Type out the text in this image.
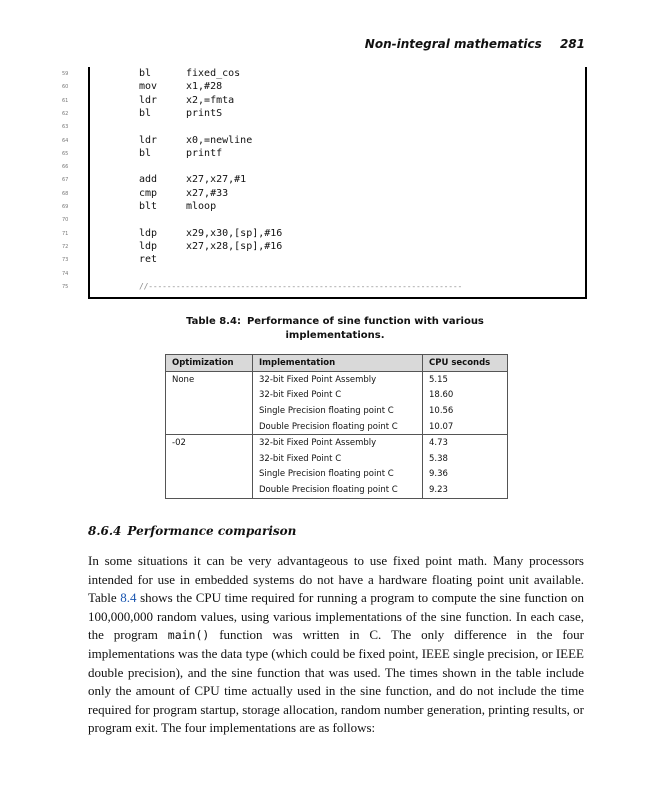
Non-integral mathematics 281
59	bl	fixed_cos
60	mov	x1,#28
61	ldr	x2,=fmta
62	bl	printS
63
64	ldr	x0,=newline
65	bl	printf
66
67	add	x27,x27,#1
68	cmp	x27,#33
69	blt	mloop
70
71	ldp	x29,x30,[sp],#16
72	ldp	x27,x28,[sp],#16
73	ret
74
75	//--------------------------------------------------------------------
Table 8.4: Performance of sine function with various
implementations.
Optimization	Implementation	CPU seconds
None	32-bit Fixed Point Assembly	5.15
	32-bit Fixed Point C	18.60
	Single Precision floating point C	10.56
	Double Precision floating point C	10.07
-02	32-bit Fixed Point Assembly	4.73
	32-bit Fixed Point C	5.38
	Single Precision floating point C	9.36
	Double Precision floating point C	9.23
8.6.4 Performance comparison
In some situations it can be very advantageous to use fixed point math. Many processors intended for use in embedded systems do not have a hardware floating point unit available. Table 8.4 shows the CPU time required for running a program to compute the sine function on 100,000,000 random values, using various implementations of the sine function. In each case, the program main() function was written in C. The only difference in the four implementations was the data type (which could be fixed point, IEEE single precision, or IEEE double precision), and the sine function that was used. The times shown in the table include only the amount of CPU time actually used in the sine function, and do not include the time required for program startup, storage allocation, random number generation, printing results, or program exit. The four implementations are as follows:
